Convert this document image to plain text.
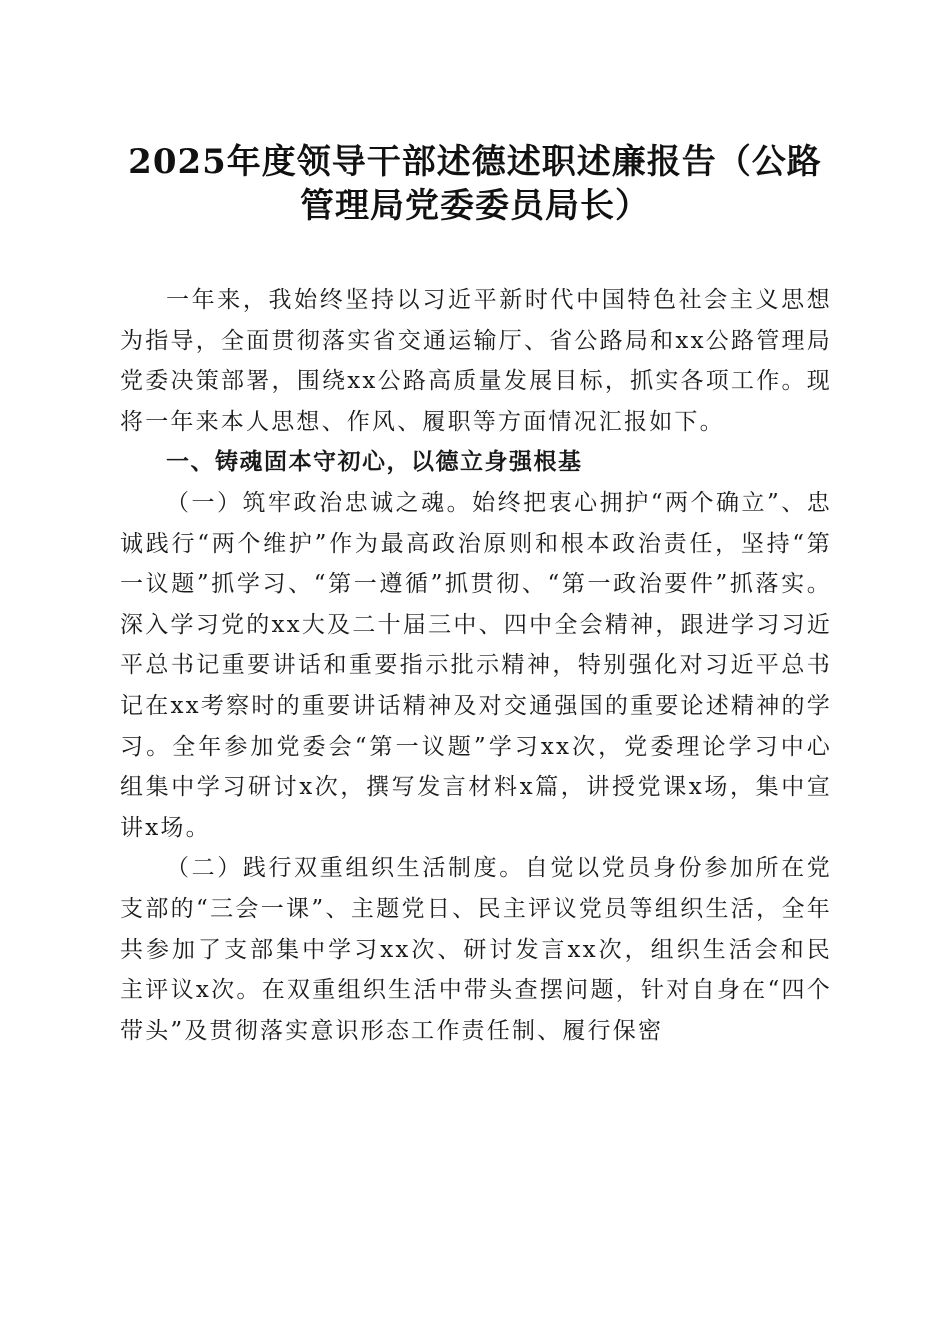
2025年度领导干部述德述职述廉报告（公路
管理局党委委员局长）

一年来，我始终坚持以习近平新时代中国特色社会主义思想为指导，全面贯彻落实省交通运输厅、省公路局和xx公路管理局党委决策部署，围绕xx公路高质量发展目标，抓实各项工作。现将一年来本人思想、作风、履职等方面情况汇报如下。

一、铸魂固本守初心，以德立身强根基

（一）筑牢政治忠诚之魂。始终把衷心拥护“两个确立”、忠诚践行“两个维护”作为最高政治原则和根本政治责任，坚持“第一议题”抓学习、“第一遵循”抓贯彻、“第一政治要件”抓落实。深入学习党的xx大及二十届三中、四中全会精神，跟进学习习近平总书记重要讲话和重要指示批示精神，特别强化对习近平总书记在xx考察时的重要讲话精神及对交通强国的重要论述精神的学习。全年参加党委会“第一议题”学习xx次，党委理论学习中心组集中学习研讨x次，撰写发言材料x篇，讲授党课x场，集中宣讲x场。

（二）践行双重组织生活制度。自觉以党员身份参加所在党支部的“三会一课”、主题党日、民主评议党员等组织生活，全年共参加了支部集中学习xx次、研讨发言xx次，组织生活会和民主评议x次。在双重组织生活中带头查摆问题，针对自身在“四个带头”及贯彻落实意识形态工作责任制、履行保密
